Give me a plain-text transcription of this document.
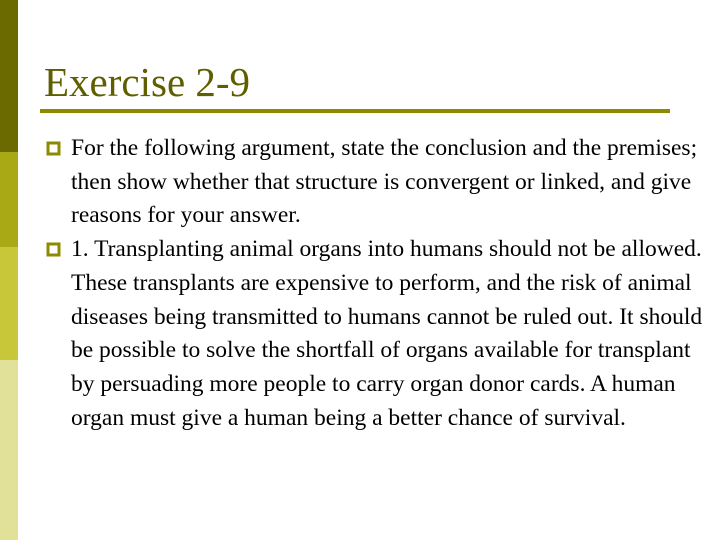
Exercise 2-9
For the following argument, state the conclusion and the premises; then show whether that structure is convergent or linked, and give reasons for your answer.
1. Transplanting animal organs into humans should not be allowed. These transplants are expensive to perform, and the risk of animal diseases being transmitted to humans cannot be ruled out. It should be possible to solve the shortfall of organs available for transplant by persuading more people to carry organ donor cards. A human organ must give a human being a better chance of survival.
